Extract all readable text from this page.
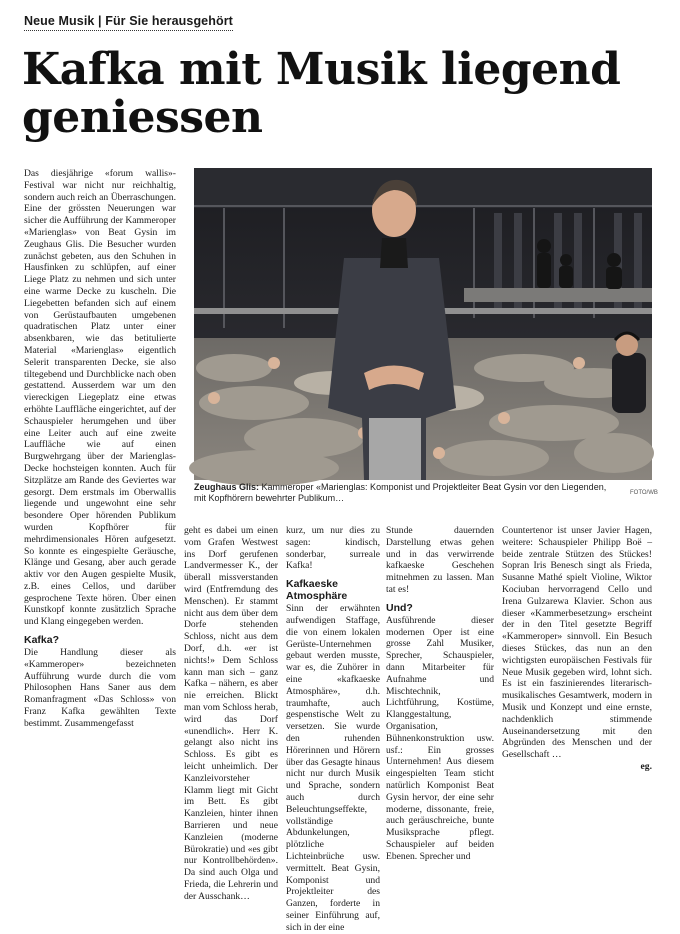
Neue Musik | Für Sie herausgehört
Kafka mit Musik liegend geniessen

Das diesjährige «forum wallis»-Festival war nicht nur reichhaltig, sondern auch reich an Überraschungen. Eine der grössten Neuerungen war sicher die Aufführung der Kammeroper «Marienglas» von Beat Gysin im Zeughaus Glis. Die Besucher wurden zunächst gebeten, aus den Schuhen in Hausfinken zu schlüpfen, auf einer Liege Platz zu nehmen und sich unter eine warme Decke zu kuscheln. Die Liegebetten befanden sich auf einem von Gerüstaufbauten umgebenen quadratischen Platz unter einer absenkbaren, wie das betitulierte Material «Marienglas» eigentlich Selerit transparenten Decke, sie also tiltegebend und Durchblicke nach oben gestattend. Ausserdem war um den viereckigen Liegeplatz eine etwas erhöhte Lauffläche eingerichtet, auf der Schauspieler herumgehen und über eine Leiter auch auf eine zweite Lauffläche wie auf einen Burgwehrgang über der Marienglas-Decke hochsteigen konnten. Auch für Sitzplätze am Rande des Geviertes war gesorgt. Dem erstmals im Oberwallis liegende und ungewohnt eine sehr besondere Oper hörenden Publikum wurden Kopfhörer für mehrdimensionales Hören aufgesetzt. So konnte es eingespielte Geräusche, Klänge und Gesang, aber auch gerade aktiv vor den Augen gespielte Musik, z.B. eines Cellos, und darüber gesprochene Texte hören. Über einen Kunstkopf konnte zusätzlich Sprache und Klang eingegeben werden.

Kafka?

Die Handlung dieser als «Kammeroper» bezeichneten Aufführung wurde durch die vom Philosophen Hans Saner aus dem Romanfragment «Das Schloss» von Franz Kafka gewählten Texte bestimmt. Zusammengefasst

Zeughaus Glis: Kammeroper «Marienglas: Komponist und Projektleiter Beat Gysin vor den Liegenden, mit Kopfhörern bewehrter Publikum…	FOTO/WB

geht es dabei um einen vom Grafen Westwest ins Dorf gerufenen Landvermesser K., der überall missverstanden wird (Entfremdung des Menschen). Er stammt nicht aus dem über dem Dorfe stehenden Schloss, nicht aus dem Dorf, d.h. «er ist nichts!» Dem Schloss kann man sich – ganz Kafka – nähern, es aber nie erreichen. Blickt man vom Schloss herab, wird das Dorf «unendlich». Herr K. gelangt also nicht ins Schloss. Es gibt es leicht unheimlich. Der Kanzleivorsteher Klamm liegt mit Gicht im Bett. Es gibt Kanzleien, hinter ihnen Barrieren und neue Kanzleien (moderne Bürokratie) und «es gibt nur Kontrollbehörden». Da sind auch Olga und Frieda, die Lehrerin und der Ausschank…

kurz, um nur dies zu sagen: kindisch, sonderbar, surreale Kafka!

Kafkaeske Atmosphäre

Sinn der erwähnten aufwendigen Staffage, die von einem lokalen Gerüste-Unternehmen gebaut werden musste, war es, die Zuhörer in eine «kafkaeske Atmosphäre», d.h. traumhafte, auch gespenstische Welt zu versetzen. Sie wurde den ruhenden Hörerinnen und Hörern über das Gesagte hinaus nicht nur durch Musik und Sprache, sondern auch durch Beleuchtungseffekte, vollständige Abdunkelungen, plötzliche Lichteinbrüche usw. vermittelt. Beat Gysin, Komponist und Projektleiter des Ganzen, forderte in seiner Einführung auf, sich in der eine

Stunde dauernden Darstellung etwas gehen und in das verwirrende kafkaeske Geschehen mitnehmen zu lassen. Man tat es!

Und?

Ausführende dieser modernen Oper ist eine grosse Zahl Musiker, Sprecher, Schauspieler, dann Mitarbeiter für Aufnahme und Mischtechnik, Lichtführung, Kostüme, Klanggestaltung, Organisation, Bühnenkonstruktion usw. usf.: Ein grosses Unternehmen! Aus diesem eingespielten Team sticht natürlich Komponist Beat Gysin hervor, der eine sehr moderne, dissonante, freie, auch geräuschreiche, bunte Musiksprache pflegt. Schauspieler auf beiden Ebenen. Sprecher und

Countertenor ist unser Javier Hagen, weitere: Schauspieler Philipp Boë – beide zentrale Stützen des Stückes! Sopran Iris Benesch singt als Frieda, Susanne Mathé spielt Violine, Wiktor Kociuban hervorragend Cello und Irena Gulzarewa Klavier. Schon aus dieser «Kammerbesetzung» erscheint der in den Titel gesetzte Begriff «Kammeroper» sinnvoll. Ein Besuch dieses Stückes, das nun an den wichtigsten europäischen Festivals für Neue Musik gegeben wird, lohnt sich. Es ist ein faszinierendes literarisch-musikalisches Gesamtwerk, modern in Musik und Konzept und eine ernste, nachdenklich stimmende Auseinandersetzung mit den Abgründen des Menschen und der Gesellschaft …

eg.
